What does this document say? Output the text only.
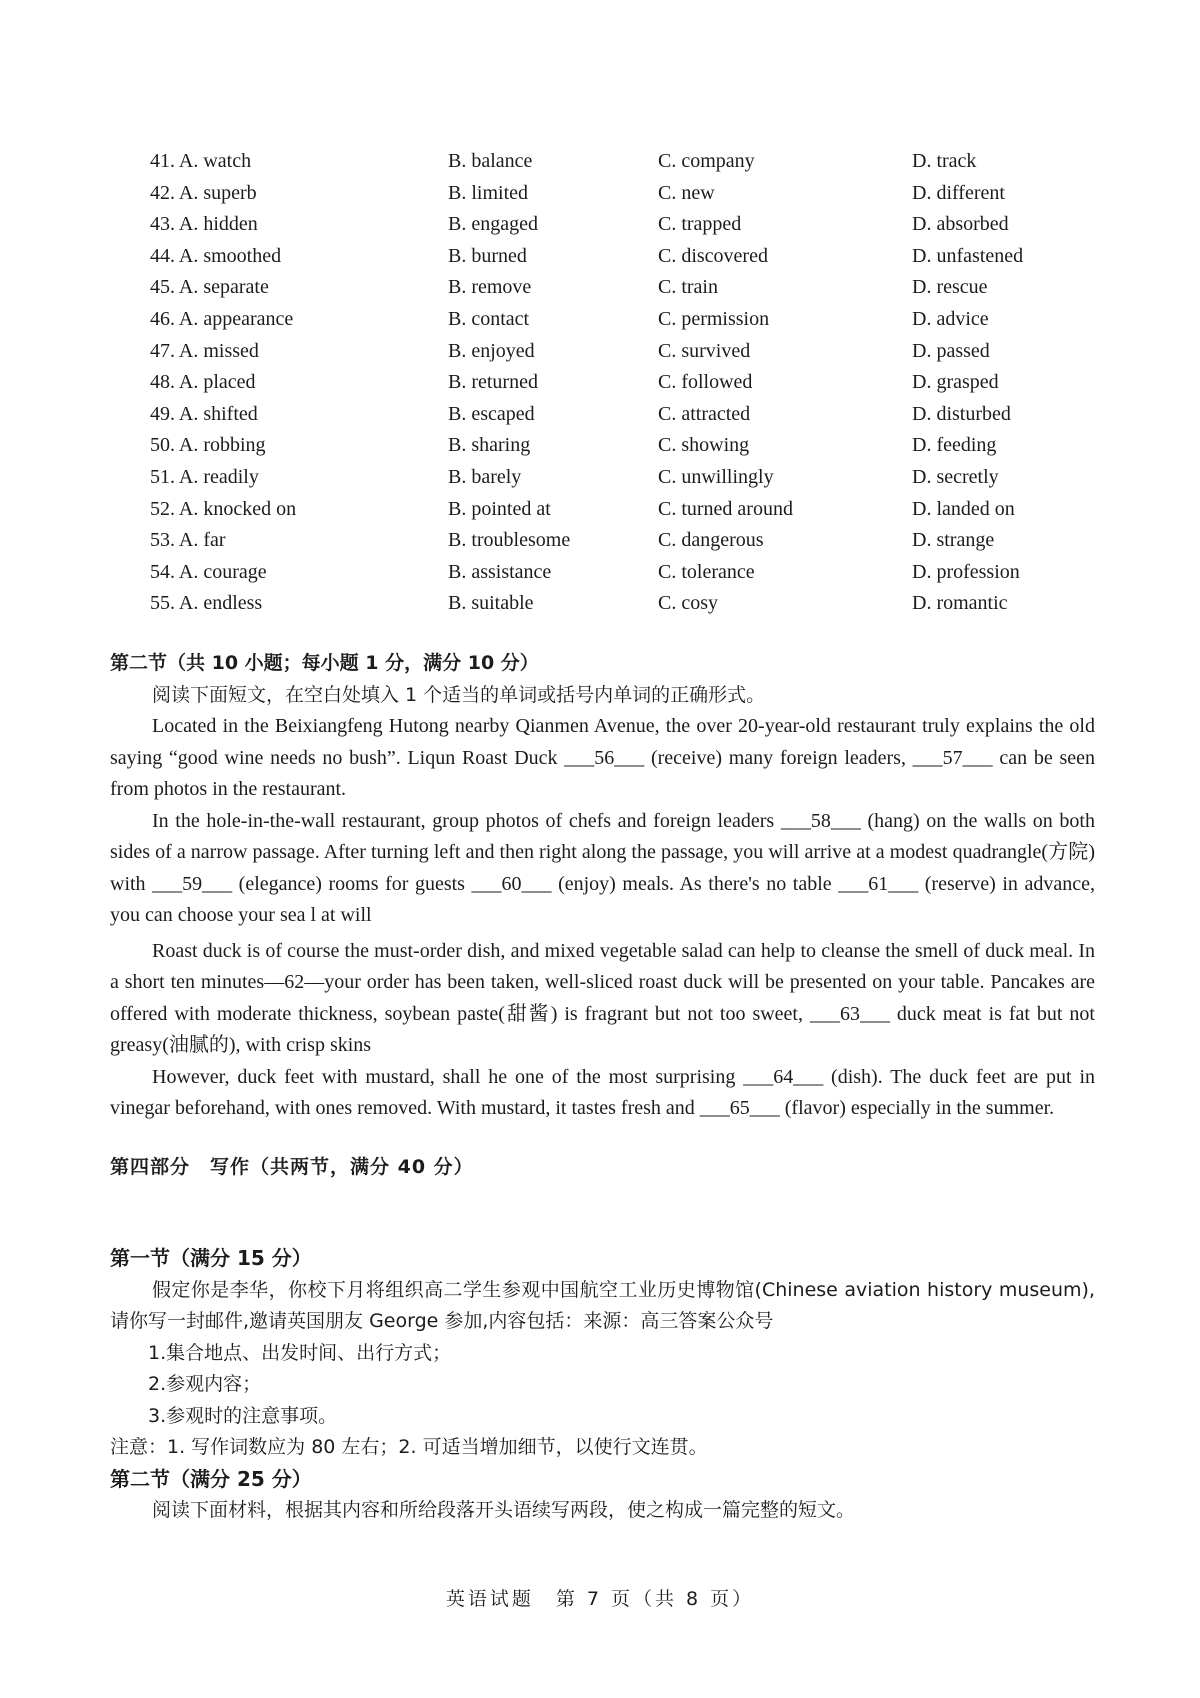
41. A. watch	B. balance	C. company	D. track
42. A. superb	B. limited	C. new	D. different
43. A. hidden	B. engaged	C. trapped	D. absorbed
44. A. smoothed	B. burned	C. discovered	D. unfastened
45. A. separate	B. remove	C. train	D. rescue
46. A. appearance	B. contact	C. permission	D. advice
47. A. missed	B. enjoyed	C. survived	D. passed
48. A. placed	B. returned	C. followed	D. grasped
49. A. shifted	B. escaped	C. attracted	D. disturbed
50. A. robbing	B. sharing	C. showing	D. feeding
51. A. readily	B. barely	C. unwillingly	D. secretly
52. A. knocked on	B. pointed at	C. turned around	D. landed on
53. A. far	B. troublesome	C. dangerous	D. strange
54. A. courage	B. assistance	C. tolerance	D. profession
55. A. endless	B. suitable	C. cosy	D. romantic
第二节（共 10 小题；每小题 1 分，满分 10 分）
阅读下面短文，在空白处填入 1 个适当的单词或括号内单词的正确形式。
Located in the Beixiangfeng Hutong nearby Qianmen Avenue, the over 20-year-old restaurant truly explains the old saying “good wine needs no bush”. Liqun Roast Duck ___56___ (receive) many foreign leaders, ___57___ can be seen from photos in the restaurant.
In the hole-in-the-wall restaurant, group photos of chefs and foreign leaders ___58___ (hang) on the walls on both sides of a narrow passage. After turning left and then right along the passage, you will arrive at a modest quadrangle(方院) with ___59___ (elegance) rooms for guests ___60___ (enjoy) meals. As there's no table ___61___ (reserve) in advance, you can choose your sea l at will
Roast duck is of course the must-order dish, and mixed vegetable salad can help to cleanse the smell of duck meal. In a short ten minutes—62—your order has been taken, well-sliced roast duck will be presented on your table. Pancakes are offered with moderate thickness, soybean paste(甜酱) is fragrant but not too sweet, ___63___ duck meat is fat but not greasy(油腻的), with crisp skins
However, duck feet with mustard, shall he one of the most surprising ___64___ (dish). The duck feet are put in vinegar beforehand, with ones removed. With mustard, it tastes fresh and ___65___ (flavor) especially in the summer.
第四部分　写作（共两节，满分 40 分）
第一节（满分 15 分）
假定你是李华，你校下月将组织高二学生参观中国航空工业历史博物馆(Chinese aviation history museum),请你写一封邮件,邀请英国朋友 George 参加,内容包括：来源：高三答案公众号
1.集合地点、出发时间、出行方式；
2.参观内容；
3.参观时的注意事项。
注意：1. 写作词数应为 80 左右；2. 可适当增加细节，以使行文连贯。
第二节（满分 25 分）
阅读下面材料，根据其内容和所给段落开头语续写两段，使之构成一篇完整的短文。
英语试题　第 7 页（共 8 页）
